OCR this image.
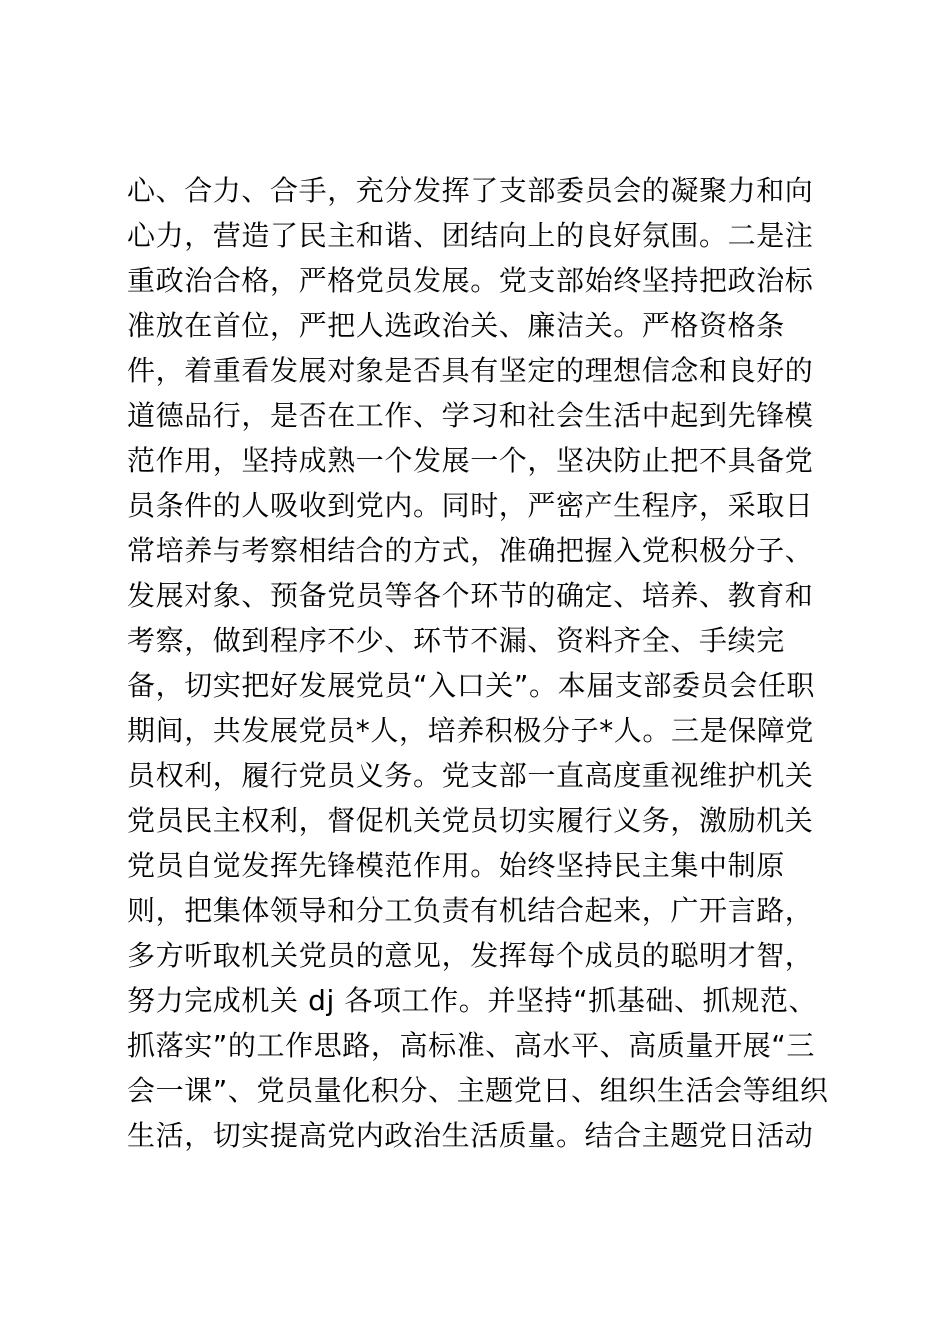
心、合力、合手，充分发挥了支部委员会的凝聚力和向
心力，营造了民主和谐、团结向上的良好氛围。二是注
重政治合格，严格党员发展。党支部始终坚持把政治标
准放在首位，严把人选政治关、廉洁关。严格资格条
件，着重看发展对象是否具有坚定的理想信念和良好的
道德品行，是否在工作、学习和社会生活中起到先锋模
范作用，坚持成熟一个发展一个，坚决防止把不具备党
员条件的人吸收到党内。同时，严密产生程序，采取日
常培养与考察相结合的方式，准确把握入党积极分子、
发展对象、预备党员等各个环节的确定、培养、教育和
考察，做到程序不少、环节不漏、资料齐全、手续完
备，切实把好发展党员“入口关”。本届支部委员会任职
期间，共发展党员*人，培养积极分子*人。三是保障党
员权利，履行党员义务。党支部一直高度重视维护机关
党员民主权利，督促机关党员切实履行义务，激励机关
党员自觉发挥先锋模范作用。始终坚持民主集中制原
则，把集体领导和分工负责有机结合起来，广开言路，
多方听取机关党员的意见，发挥每个成员的聪明才智，
努力完成机关 dj 各项工作。并坚持“抓基础、抓规范、
抓落实”的工作思路，高标准、高水平、高质量开展“三
会一课”、党员量化积分、主题党日、组织生活会等组织
生活，切实提高党内政治生活质量。结合主题党日活动
